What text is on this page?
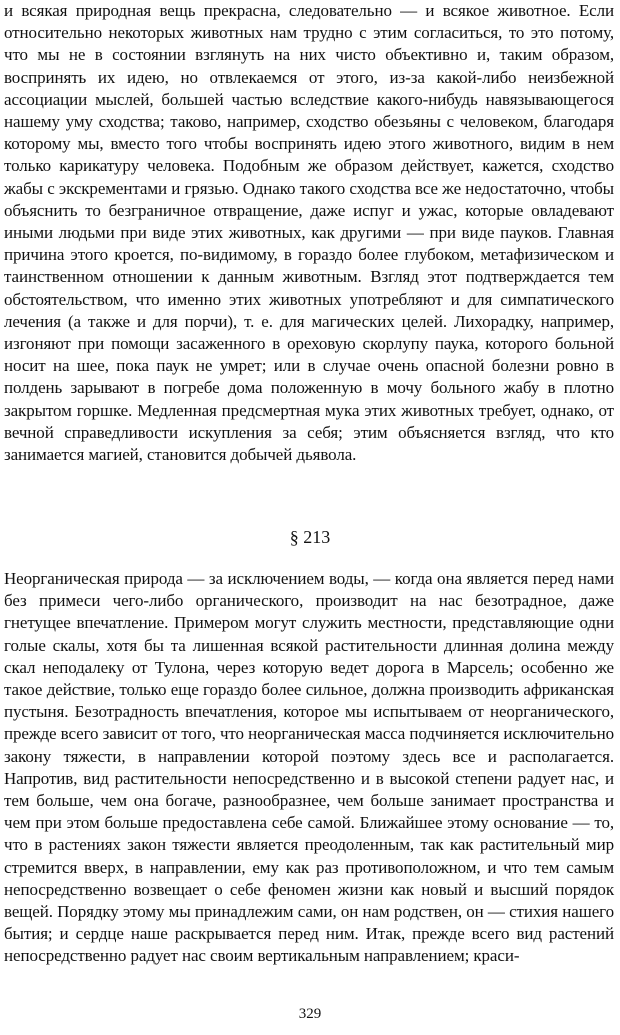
и всякая природная вещь прекрасна, следовательно — и всякое животное. Если относительно некоторых животных нам трудно с этим согласиться, то это потому, что мы не в состоянии взглянуть на них чисто объективно и, таким образом, воспринять их идею, но отвлекаемся от этого, из-за какой-либо неизбежной ассоциации мыслей, большей частью вследствие какого-нибудь навязывающегося нашему уму сходства; таково, например, сходство обезьяны с человеком, благодаря которому мы, вместо того чтобы воспринять идею этого животного, видим в нем только карикатуру человека. Подобным же образом действует, кажется, сходство жабы с экскрементами и грязью. Однако такого сходства все же недостаточно, чтобы объяснить то безграничное отвращение, даже испуг и ужас, которые овладевают иными людьми при виде этих животных, как другими — при виде пауков. Главная причина этого кроется, по-видимому, в гораздо более глубоком, метафизическом и таинственном отношении к данным животным. Взгляд этот подтверждается тем обстоятельством, что именно этих животных употребляют и для симпатического лечения (а также и для порчи), т. е. для магических целей. Лихорадку, например, изгоняют при помощи засаженного в ореховую скорлупу паука, которого больной носит на шее, пока паук не умрет; или в случае очень опасной болезни ровно в полдень зарывают в погребе дома положенную в мочу больного жабу в плотно закрытом горшке. Медленная предсмертная мука этих животных требует, однако, от вечной справедливости искупления за себя; этим объясняется взгляд, что кто занимается магией, становится добычей дьявола.

§ 213

Неорганическая природа — за исключением воды, — когда она является перед нами без примеси чего-либо органического, производит на нас безотрадное, даже гнетущее впечатление. Примером могут служить местности, представляющие одни голые скалы, хотя бы та лишенная всякой растительности длинная долина между скал неподалеку от Тулона, через которую ведет дорога в Марсель; особенно же такое действие, только еще гораздо более сильное, должна производить африканская пустыня. Безотрадность впечатления, которое мы испытываем от неорганического, прежде всего зависит от того, что неорганическая масса подчиняется исключительно закону тяжести, в направлении которой поэтому здесь все и располагается. Напротив, вид растительности непосредственно и в высокой степени радует нас, и тем больше, чем она богаче, разнообразнее, чем больше занимает пространства и чем при этом больше предоставлена себе самой. Ближайшее этому основание — то, что в растениях закон тяжести является преодоленным, так как растительный мир стремится вверх, в направлении, ему как раз противоположном, и что тем самым непосредственно возвещает о себе феномен жизни как новый и высший порядок вещей. Порядку этому мы принадлежим сами, он нам родствен, он — стихия нашего бытия; и сердце наше раскрывается перед ним. Итак, прежде всего вид растений непосредственно радует нас своим вертикальным направлением; краси-

329
